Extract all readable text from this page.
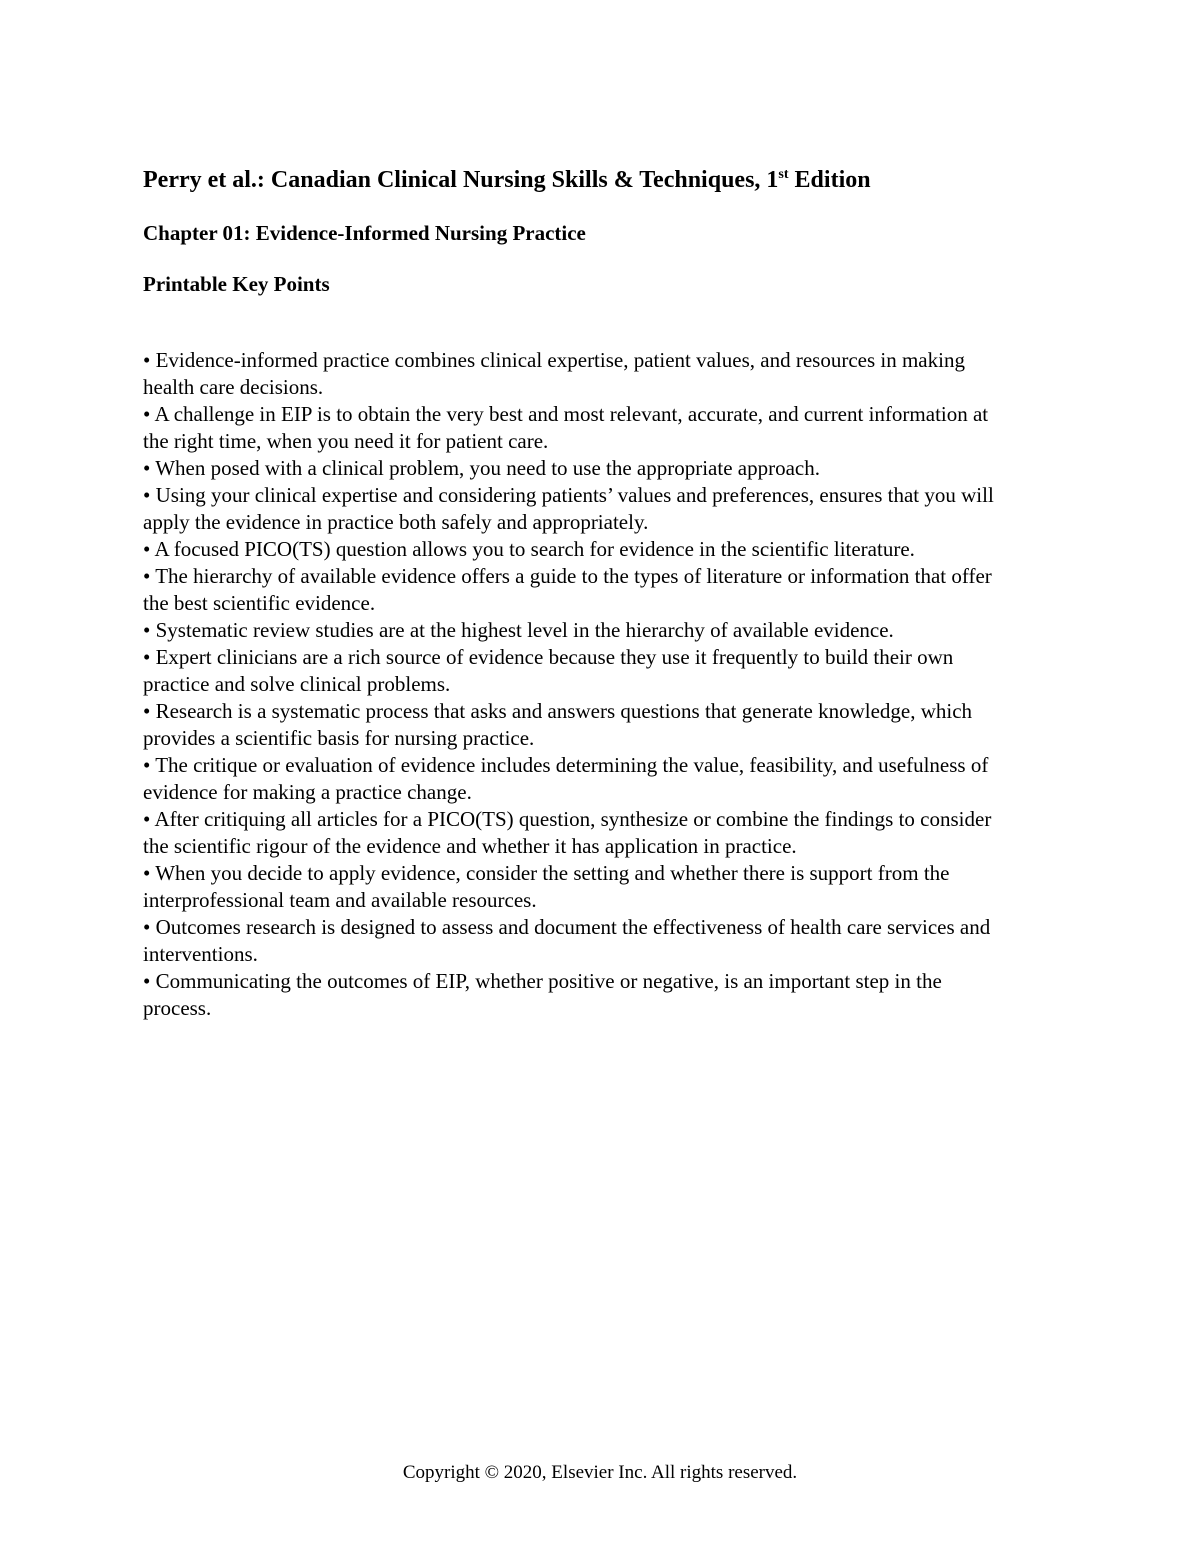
Perry et al.: Canadian Clinical Nursing Skills & Techniques, 1st Edition
Chapter 01: Evidence-Informed Nursing Practice
Printable Key Points
• Evidence-informed practice combines clinical expertise, patient values, and resources in making health care decisions.
• A challenge in EIP is to obtain the very best and most relevant, accurate, and current information at the right time, when you need it for patient care.
• When posed with a clinical problem, you need to use the appropriate approach.
• Using your clinical expertise and considering patients’ values and preferences, ensures that you will apply the evidence in practice both safely and appropriately.
• A focused PICO(TS) question allows you to search for evidence in the scientific literature.
• The hierarchy of available evidence offers a guide to the types of literature or information that offer the best scientific evidence.
• Systematic review studies are at the highest level in the hierarchy of available evidence.
• Expert clinicians are a rich source of evidence because they use it frequently to build their own practice and solve clinical problems.
• Research is a systematic process that asks and answers questions that generate knowledge, which provides a scientific basis for nursing practice.
• The critique or evaluation of evidence includes determining the value, feasibility, and usefulness of evidence for making a practice change.
• After critiquing all articles for a PICO(TS) question, synthesize or combine the findings to consider the scientific rigour of the evidence and whether it has application in practice.
• When you decide to apply evidence, consider the setting and whether there is support from the interprofessional team and available resources.
• Outcomes research is designed to assess and document the effectiveness of health care services and interventions.
• Communicating the outcomes of EIP, whether positive or negative, is an important step in the process.
Copyright © 2020, Elsevier Inc. All rights reserved.
